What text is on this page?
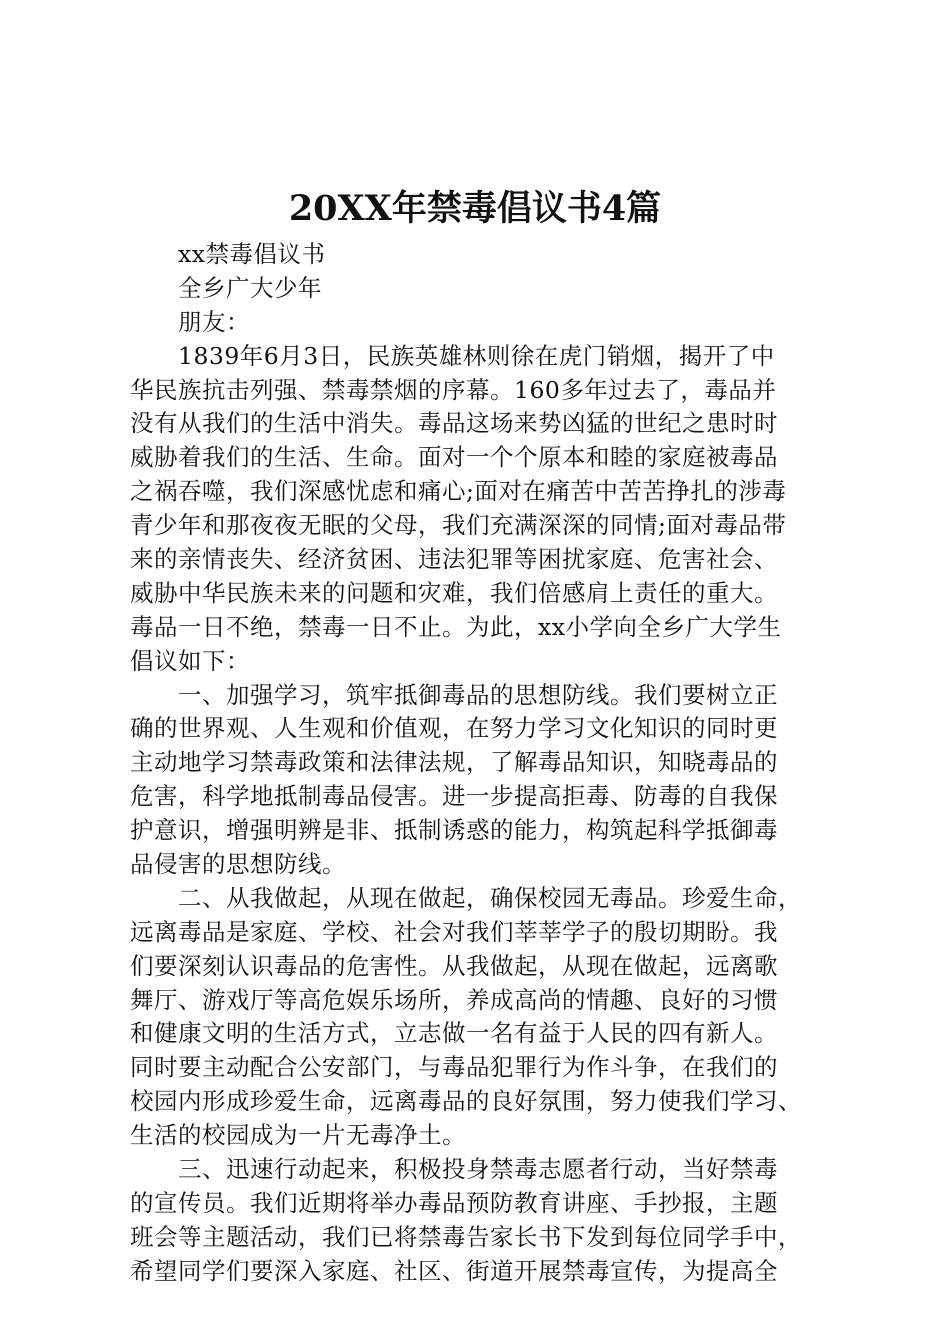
20XX年禁毒倡议书4篇
xx禁毒倡议书
全乡广大少年
朋友：
1839年6月3日，民族英雄林则徐在虎门销烟，揭开了中
华民族抗击列强、禁毒禁烟的序幕。160多年过去了，毒品并
没有从我们的生活中消失。毒品这场来势凶猛的世纪之患时时
威胁着我们的生活、生命。面对一个个原本和睦的家庭被毒品
之祸吞噬，我们深感忧虑和痛心;面对在痛苦中苦苦挣扎的涉毒
青少年和那夜夜无眠的父母，我们充满深深的同情;面对毒品带
来的亲情丧失、经济贫困、违法犯罪等困扰家庭、危害社会、
威胁中华民族未来的问题和灾难，我们倍感肩上责任的重大。
毒品一日不绝，禁毒一日不止。为此，xx小学向全乡广大学生
倡议如下：
一、加强学习，筑牢抵御毒品的思想防线。我们要树立正
确的世界观、人生观和价值观，在努力学习文化知识的同时更
主动地学习禁毒政策和法律法规，了解毒品知识，知晓毒品的
危害，科学地抵制毒品侵害。进一步提高拒毒、防毒的自我保
护意识，增强明辨是非、抵制诱惑的能力，构筑起科学抵御毒
品侵害的思想防线。
二、从我做起，从现在做起，确保校园无毒品。珍爱生命，
远离毒品是家庭、学校、社会对我们莘莘学子的殷切期盼。我
们要深刻认识毒品的危害性。从我做起，从现在做起，远离歌
舞厅、游戏厅等高危娱乐场所，养成高尚的情趣、良好的习惯
和健康文明的生活方式，立志做一名有益于人民的四有新人。
同时要主动配合公安部门，与毒品犯罪行为作斗争，在我们的
校园内形成珍爱生命，远离毒品的良好氛围，努力使我们学习、
生活的校园成为一片无毒净土。
三、迅速行动起来，积极投身禁毒志愿者行动，当好禁毒
的宣传员。我们近期将举办毒品预防教育讲座、手抄报，主题
班会等主题活动，我们已将禁毒告家长书下发到每位同学手中，
希望同学们要深入家庭、社区、街道开展禁毒宣传，为提高全
